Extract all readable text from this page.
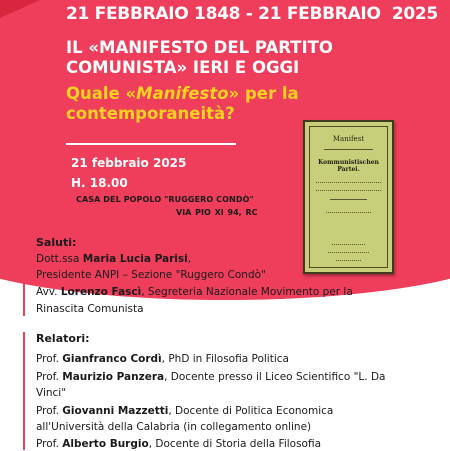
21 FEBBRAIO 1848 - 21 FEBBRAIO  2025

IL «MANIFESTO DEL PARTITO
COMUNISTA» IERI E OGGI
Quale «Manifesto» per la
contemporaneità?

21 febbraio 2025

H. 18.00

CASA DEL POPOLO "RUGGERO CONDÒ"

VIA PIO XI 94, RC

Manifest
Kommunistischen Partei.

Saluti:

Dott.ssa Maria Lucia Parisi,

Presidente ANPI – Sezione "Ruggero Condò"

Avv. Lorenzo Fascì, Segreteria Nazionale Movimento per la

Rinascita Comunista

Relatori:

Prof. Gianfranco Cordì, PhD in Filosofia Politica

Prof. Maurizio Panzera, Docente presso il Liceo Scientifico "L. Da

Vinci"

Prof. Giovanni Mazzetti, Docente di Politica Economica

all'Università della Calabria (in collegamento online)

Prof. Alberto Burgio, Docente di Storia della Filosofia
